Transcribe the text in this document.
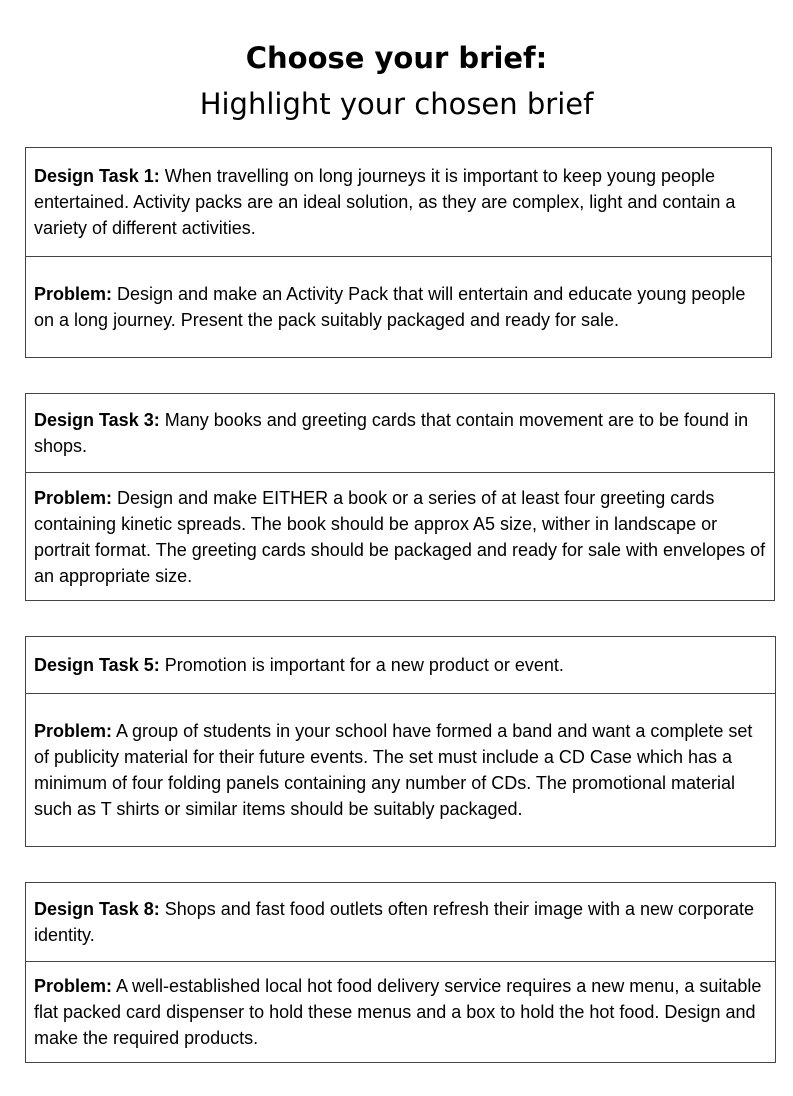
Choose your brief:
Highlight your chosen brief

Design Task 1: When travelling on long journeys it is important to keep young people entertained. Activity packs are an ideal solution, as they are complex, light and contain a variety of different activities.

Problem: Design and make an Activity Pack that will entertain and educate young people on a long journey. Present the pack suitably packaged and ready for sale.

Design Task 3: Many books and greeting cards that contain movement are to be found in shops.

Problem: Design and make EITHER a book or a series of at least four greeting cards containing kinetic spreads. The book should be approx A5 size, wither in landscape or portrait format. The greeting cards should be packaged and ready for sale with envelopes of an appropriate size.

Design Task 5: Promotion is important for a new product or event.

Problem: A group of students in your school have formed a band and want a complete set of publicity material for their future events. The set must include a CD Case which has a minimum of four folding panels containing any number of CDs. The promotional material such as T shirts or similar items should be suitably packaged.

Design Task 8: Shops and fast food outlets often refresh their image with a new corporate identity.

Problem: A well-established local hot food delivery service requires a new menu, a suitable flat packed card dispenser to hold these menus and a box to hold the hot food. Design and make the required products.
